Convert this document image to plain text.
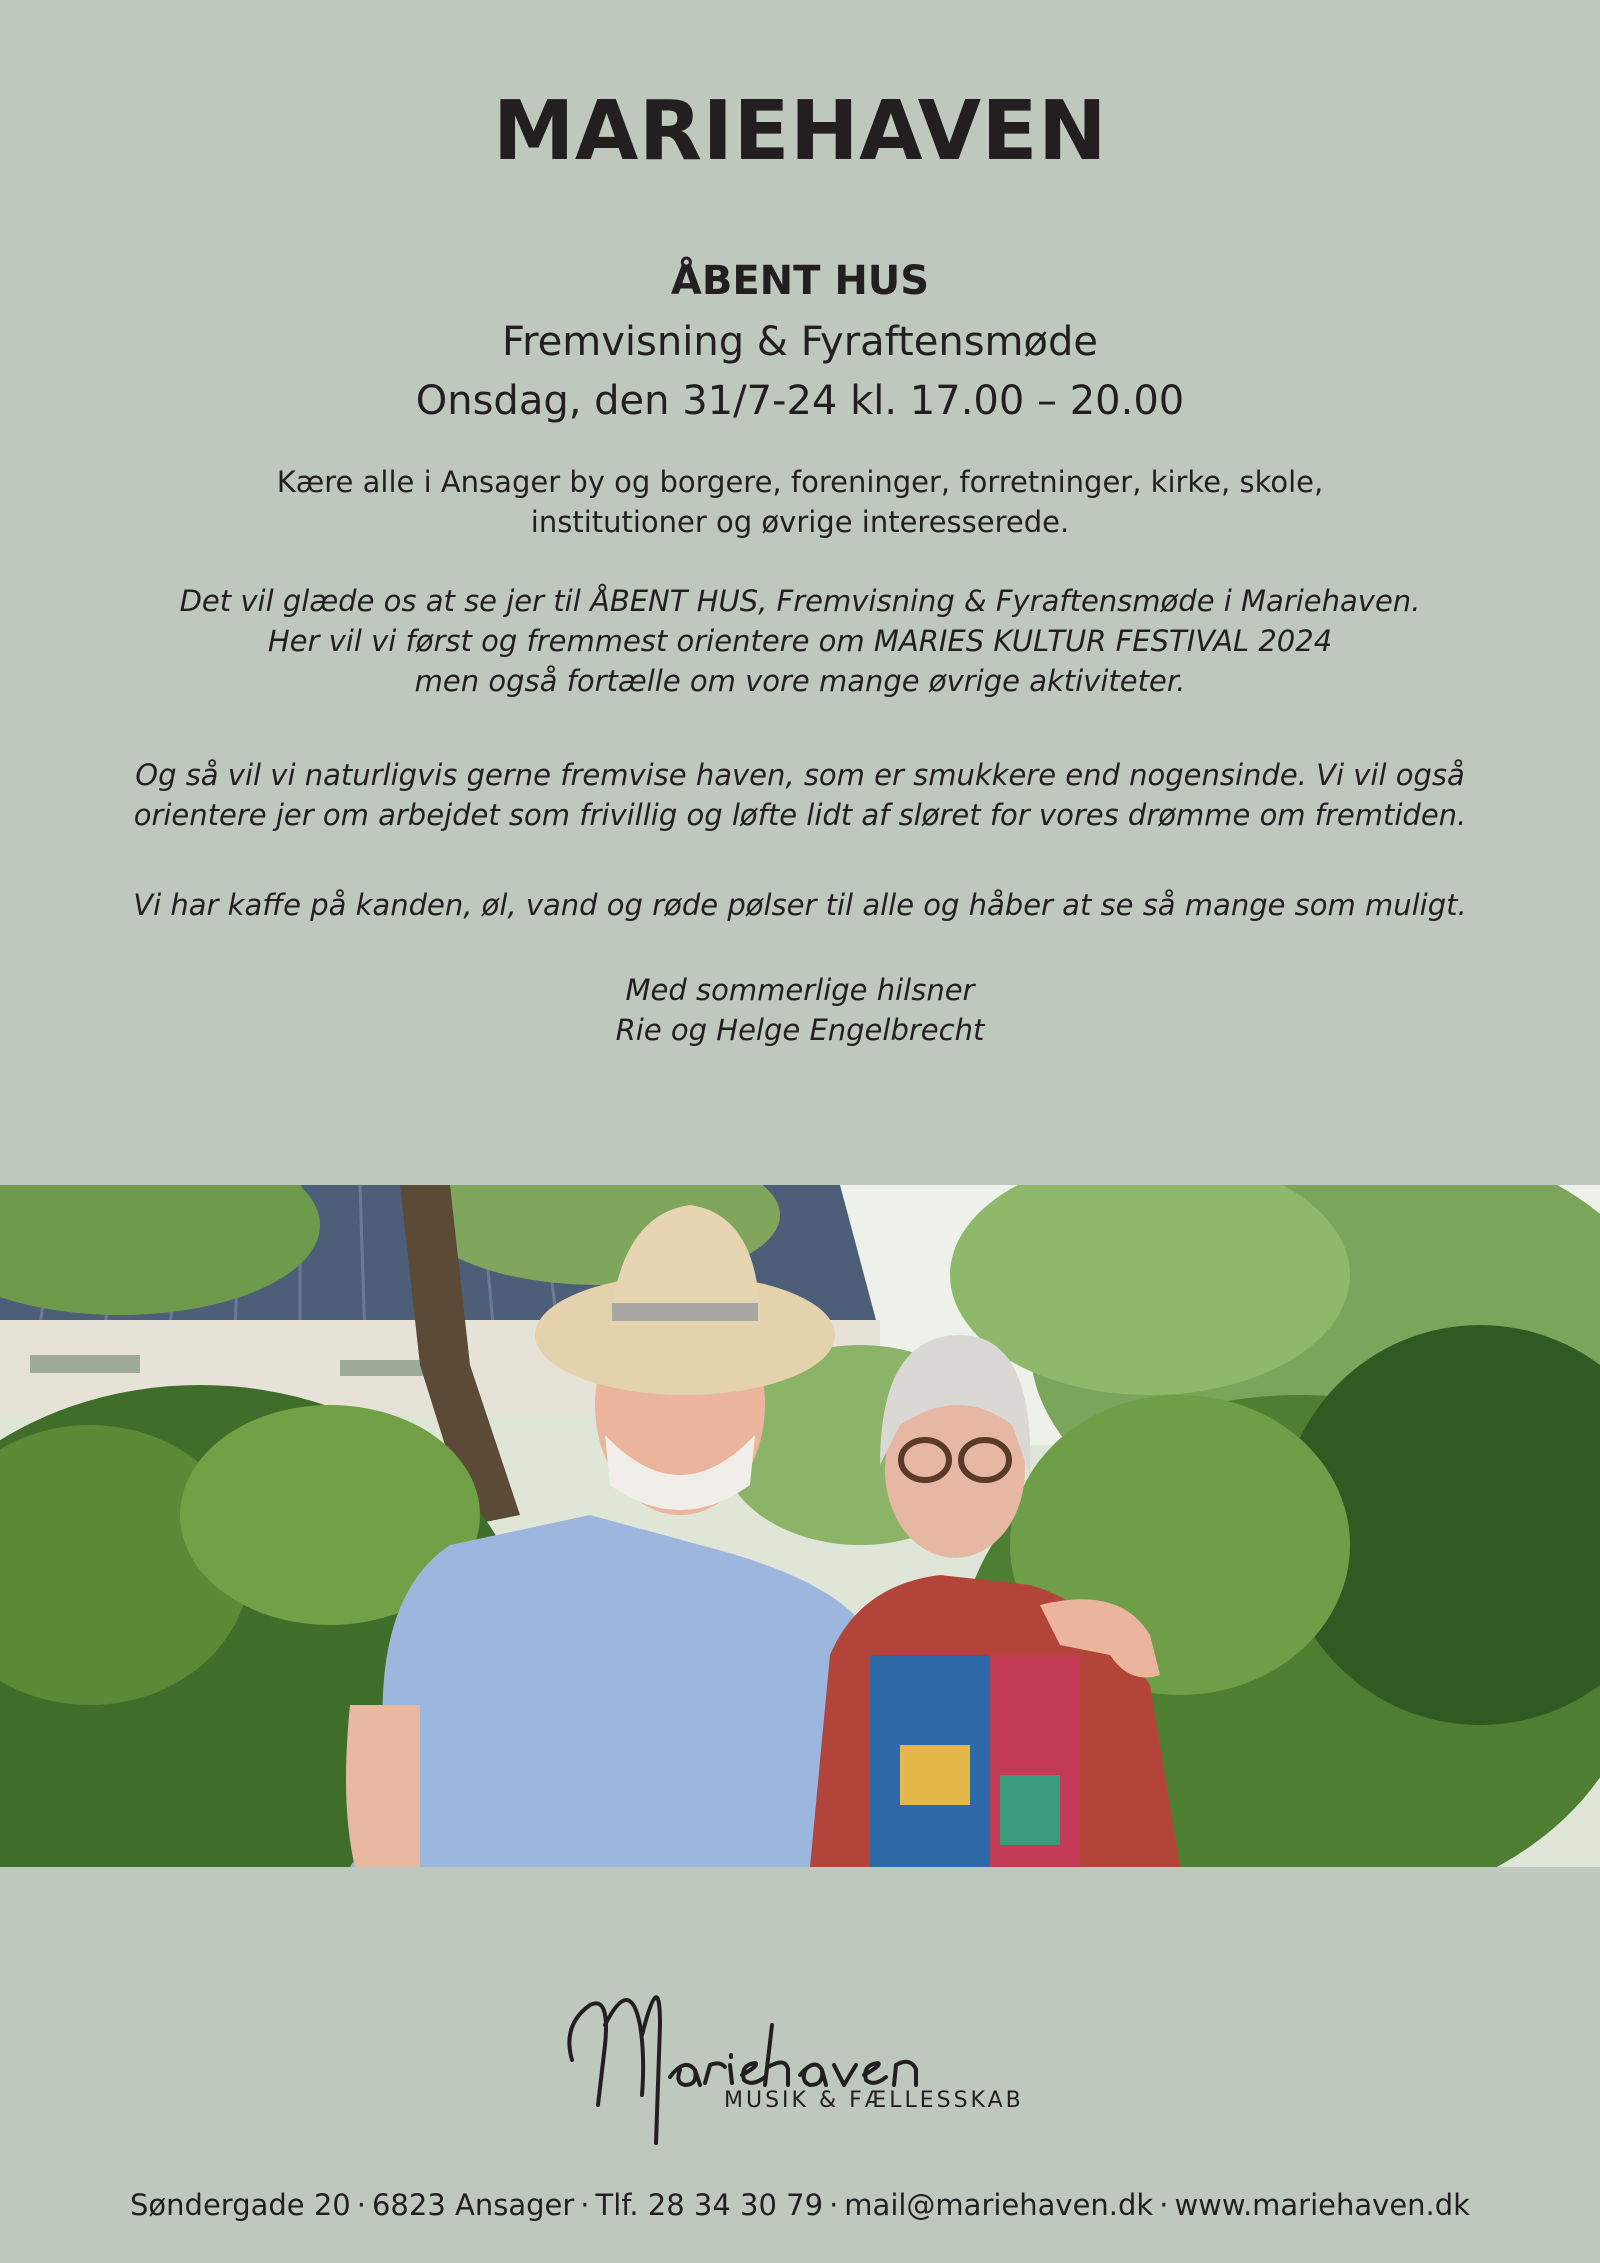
MARIEHAVEN
ÅBENT HUS
Fremvisning & Fyraftensmøde
Onsdag, den 31/7-24 kl. 17.00 – 20.00

Kære alle i Ansager by og borgere, foreninger, forretninger, kirke, skole,
institutioner og øvrige interesserede.

Det vil glæde os at se jer til ÅBENT HUS, Fremvisning & Fyraftensmøde i Mariehaven.
Her vil vi først og fremmest orientere om MARIES KULTUR FESTIVAL 2024
men også fortælle om vore mange øvrige aktiviteter.

Og så vil vi naturligvis gerne fremvise haven, som er smukkere end nogensinde. Vi vil også
orientere jer om arbejdet som frivillig og løfte lidt af sløret for vores drømme om fremtiden.

Vi har kaffe på kanden, øl, vand og røde pølser til alle og håber at se så mange som muligt.

Med sommerlige hilsner
Rie og Helge Engelbrecht

MUSIK & FÆLLESSKAB
Søndergade 20 · 6823 Ansager · Tlf. 28 34 30 79 · mail@mariehaven.dk · www.mariehaven.dk
